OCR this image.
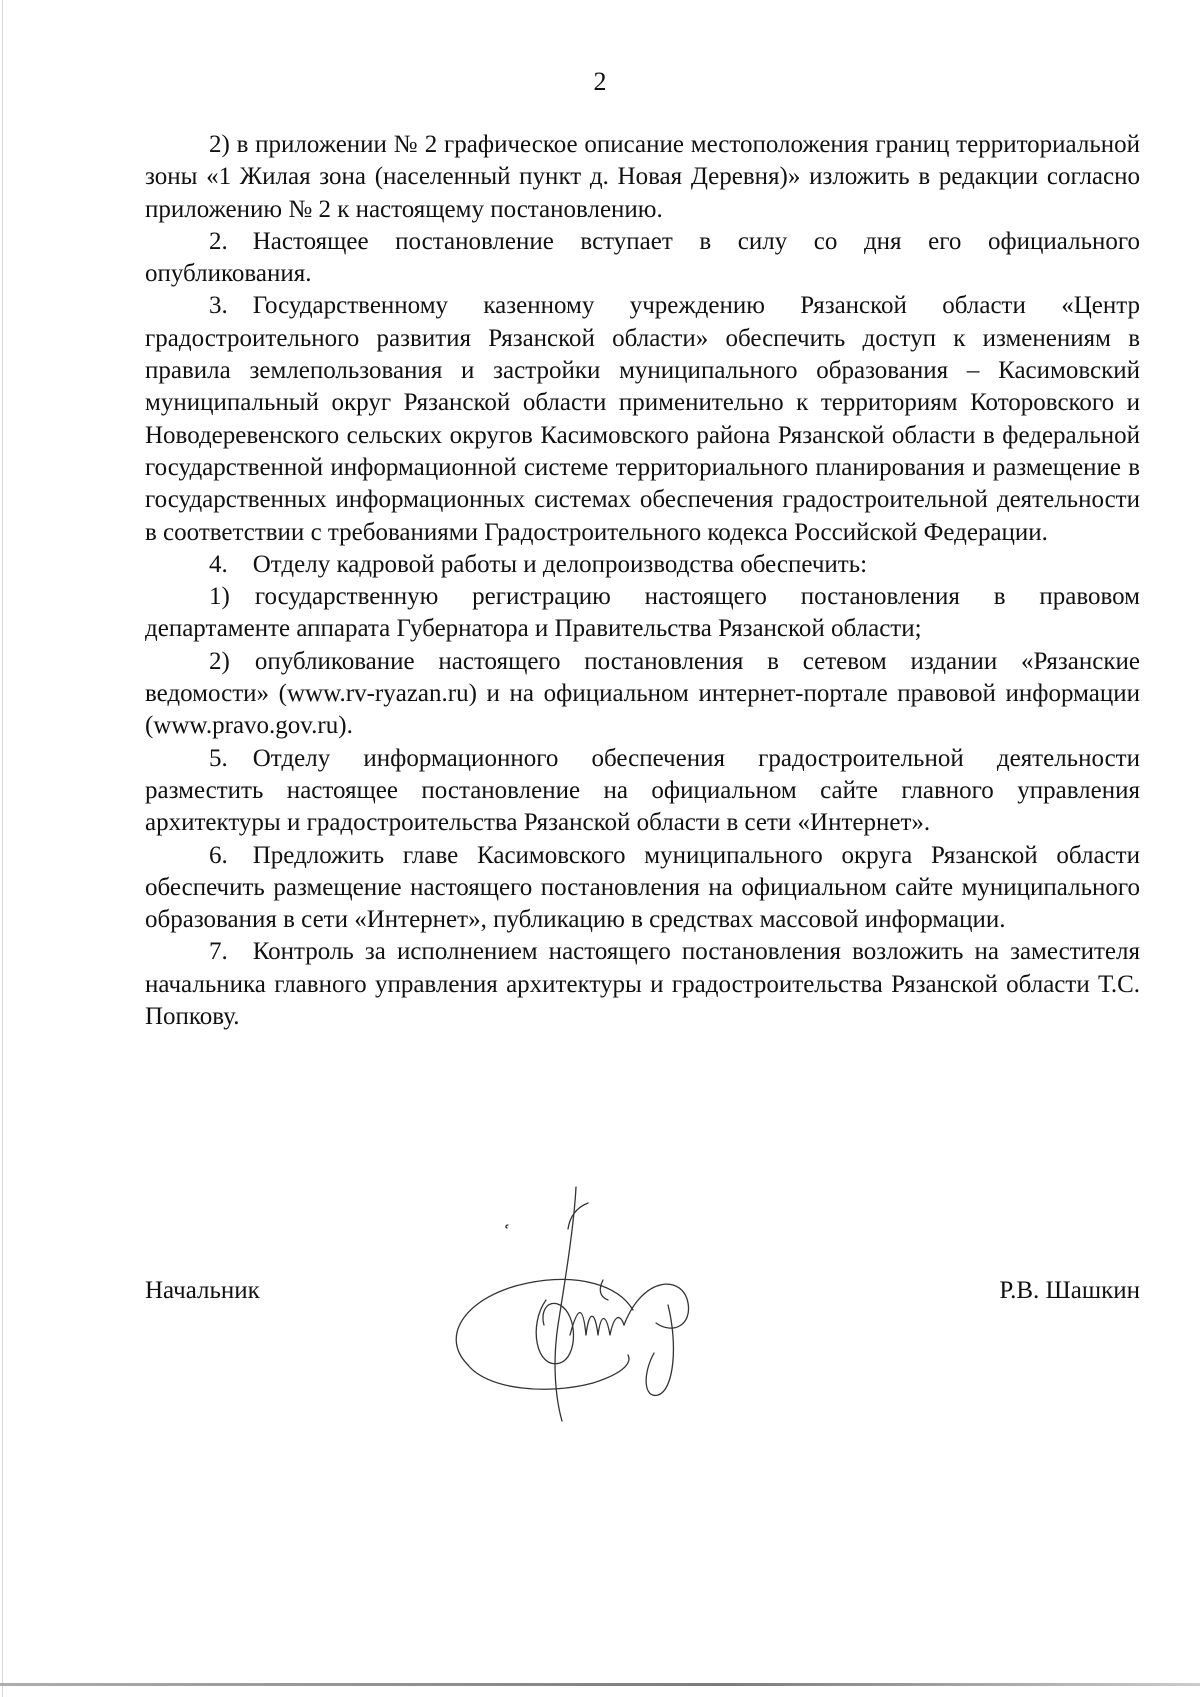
2

2) в приложении № 2 графическое описание местоположения границ территориальной зоны «1 Жилая зона (населенный пункт д. Новая Деревня)» изложить в редакции согласно приложению № 2 к настоящему постановлению.

2. Настоящее постановление вступает в силу со дня его официального опубликования.

3. Государственному казенному учреждению Рязанской области «Центр градостроительного развития Рязанской области» обеспечить доступ к изменениям в правила землепользования и застройки муниципального образования – Касимовский муниципальный округ Рязанской области применительно к территориям Которовского и Новодеревенского сельских округов Касимовского района Рязанской области в федеральной государственной информационной системе территориального планирования и размещение в государственных информационных системах обеспечения градостроительной деятельности в соответствии с требованиями Градостроительного кодекса Российской Федерации.

4. Отделу кадровой работы и делопроизводства обеспечить:

1) государственную регистрацию настоящего постановления в правовом департаменте аппарата Губернатора и Правительства Рязанской области;

2) опубликование настоящего постановления в сетевом издании «Рязанские ведомости» (www.rv-ryazan.ru) и на официальном интернет-портале правовой информации (www.pravo.gov.ru).

5. Отделу информационного обеспечения градостроительной деятельности разместить настоящее постановление на официальном сайте главного управления архитектуры и градостроительства Рязанской области в сети «Интернет».

6. Предложить главе Касимовского муниципального округа Рязанской области обеспечить размещение настоящего постановления на официальном сайте муниципального образования в сети «Интернет», публикацию в средствах массовой информации.

7. Контроль за исполнением настоящего постановления возложить на заместителя начальника главного управления архитектуры и градостроительства Рязанской области Т.С. Попкову.

Начальник	Р.В. Шашкин
